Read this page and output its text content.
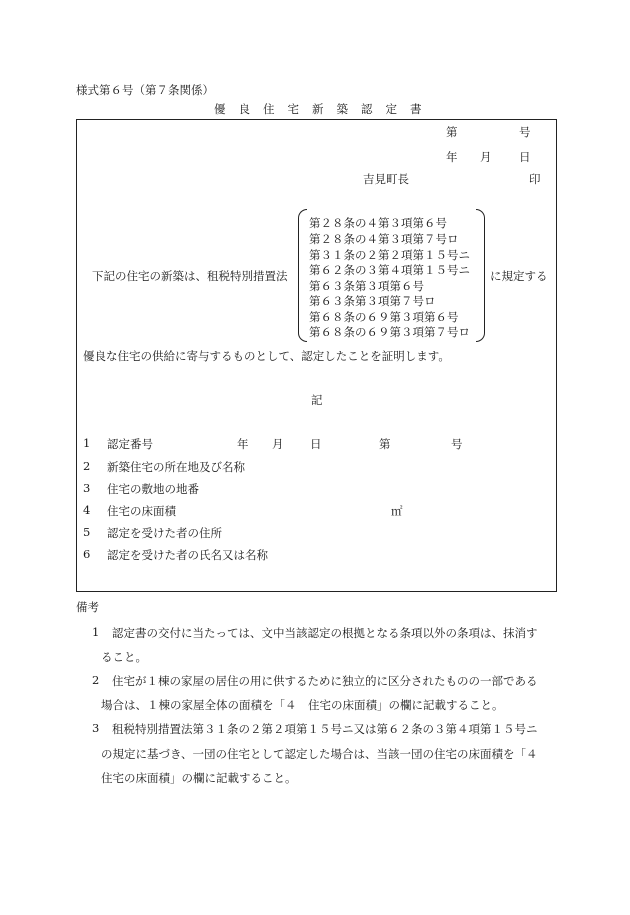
様式第６号（第７条関係）
優良住宅新築認定書
第	号
年 月 日
吉見町長	印
下記の住宅の新築は、租税特別措置法
第２８条の４第３項第６号
第２８条の４第３項第７号ロ
第３１条の２第２項第１５号ニ
第６２条の３第４項第１５号ニ
第６３条第３項第６号
第６３条第３項第７号ロ
第６８条の６９第３項第６号
第６８条の６９第３項第７号ロ
に規定する
優良な住宅の供給に寄与するものとして、認定したことを証明します。
記
1 認定番号	年 月 日	第	号
2 新築住宅の所在地及び名称
3 住宅の敷地の地番
4 住宅の床面積	㎡
5 認定を受けた者の住所
6 認定を受けた者の氏名又は名称
備考
1 認定書の交付に当たっては、文中当該認定の根拠となる条項以外の条項は、抹消す
ること。
2 住宅が１棟の家屋の居住の用に供するために独立的に区分されたものの一部である
場合は、１棟の家屋全体の面積を「４　住宅の床面積」の欄に記載すること。
3 租税特別措置法第３１条の２第２項第１５号ニ又は第６２条の３第４項第１５号ニ
の規定に基づき、一団の住宅として認定した場合は、当該一団の住宅の床面積を「４
住宅の床面積」の欄に記載すること。
